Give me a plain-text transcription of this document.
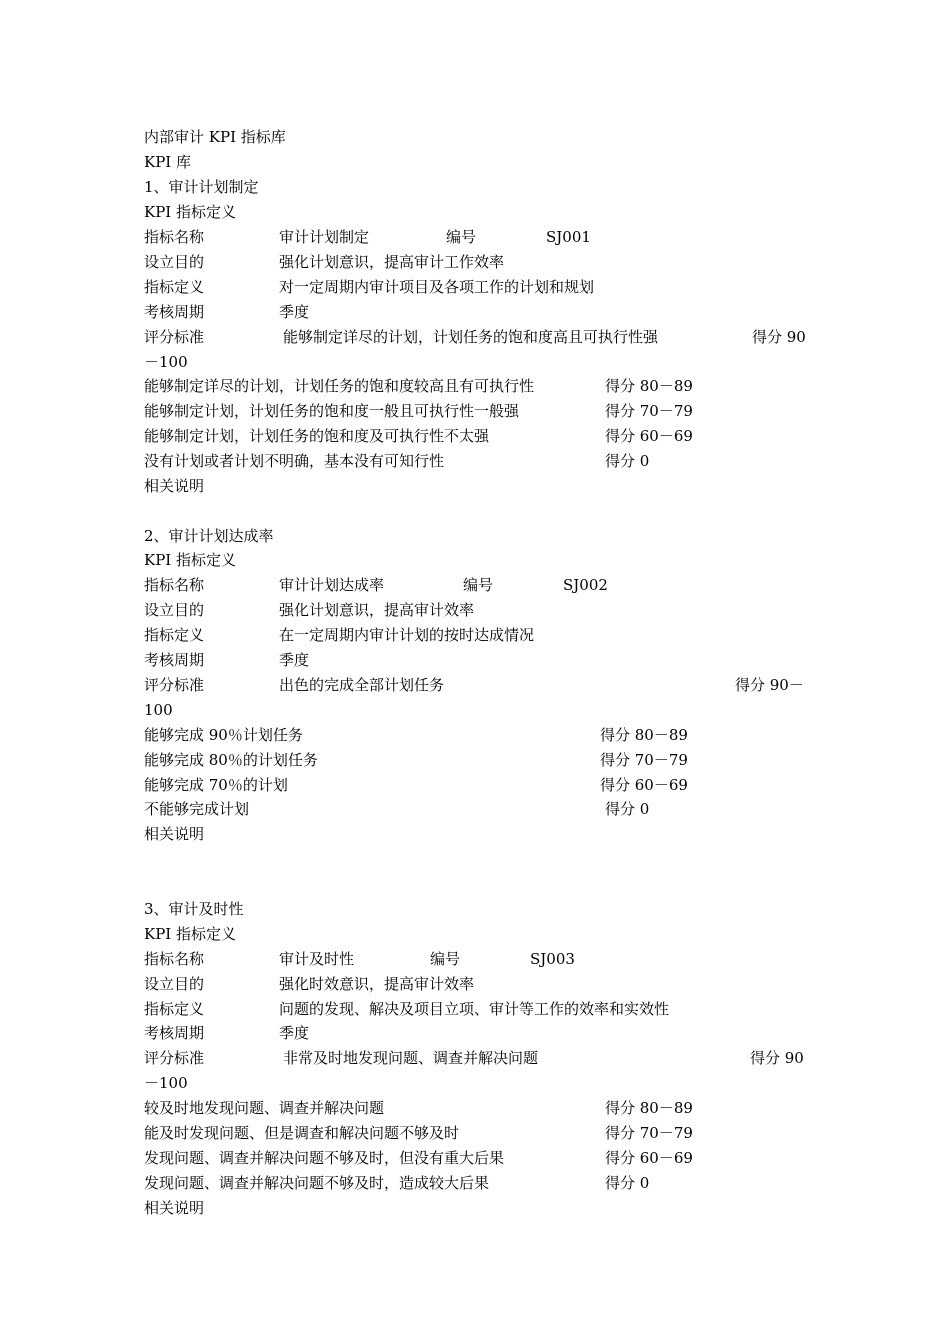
内部审计 KPI 指标库
KPI 库
1、审计计划制定
KPI 指标定义
指标名称	审计计划制定	编号	SJ001
设立目的	强化计划意识，提高审计工作效率
指标定义	对一定周期内审计项目及各项工作的计划和规划
考核周期	季度
评分标准	能够制定详尽的计划，计划任务的饱和度高且可执行性强	得分 90
－100
能够制定详尽的计划，计划任务的饱和度较高且有可执行性	得分 80－89
能够制定计划，计划任务的饱和度一般且可执行性一般强	得分 70－79
能够制定计划，计划任务的饱和度及可执行性不太强	得分 60－69
没有计划或者计划不明确，基本没有可知行性	得分 0
相关说明
2、审计计划达成率
KPI 指标定义
指标名称	审计计划达成率	编号	SJ002
设立目的	强化计划意识，提高审计效率
指标定义	在一定周期内审计计划的按时达成情况
考核周期	季度
评分标准	出色的完成全部计划任务	得分 90－
100
能够完成 90％计划任务	得分 80－89
能够完成 80％的计划任务	得分 70－79
能够完成 70％的计划	得分 60－69
不能够完成计划	得分 0
相关说明
3、审计及时性
KPI 指标定义
指标名称	审计及时性	编号	SJ003
设立目的	强化时效意识，提高审计效率
指标定义	问题的发现、解决及项目立项、审计等工作的效率和实效性
考核周期	季度
评分标准	非常及时地发现问题、调查并解决问题	得分 90
－100
较及时地发现问题、调查并解决问题	得分 80－89
能及时发现问题、但是调查和解决问题不够及时	得分 70－79
发现问题、调查并解决问题不够及时，但没有重大后果	得分 60－69
发现问题、调查并解决问题不够及时，造成较大后果	得分 0
相关说明
